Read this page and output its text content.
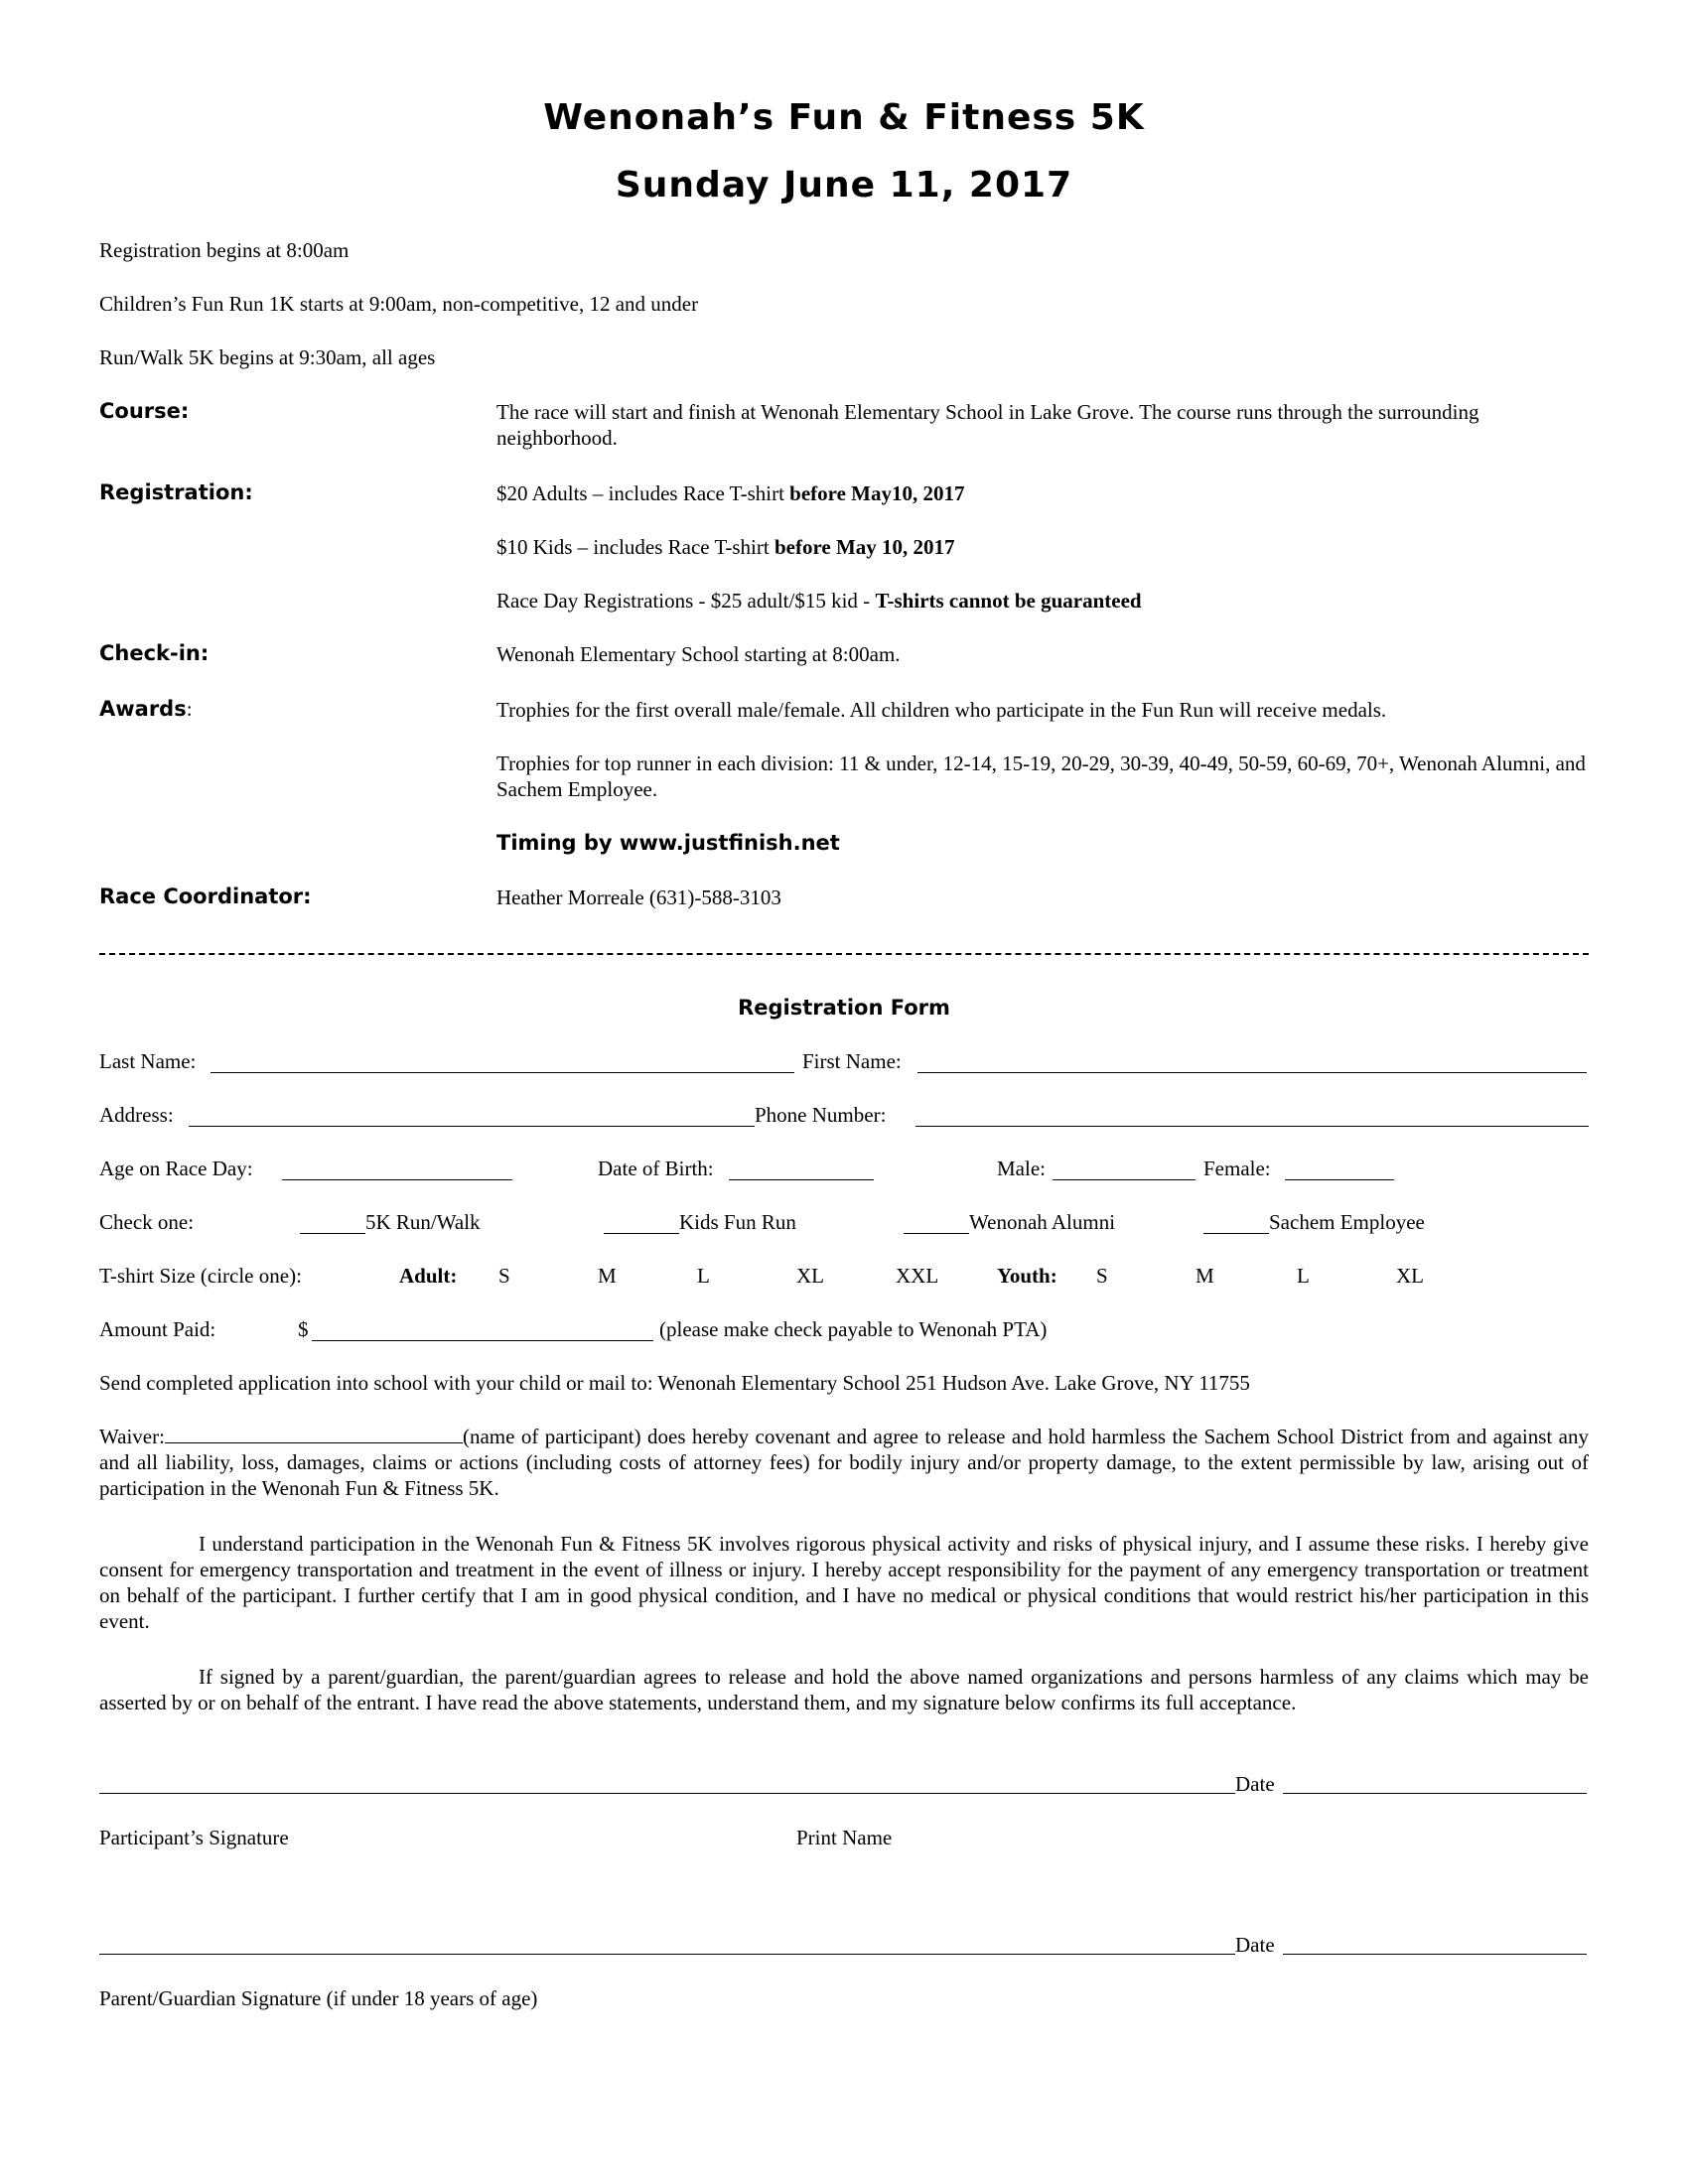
Wenonah’s Fun & Fitness 5K
Sunday June 11, 2017
Registration begins at 8:00am
Children’s Fun Run 1K starts at 9:00am, non-competitive, 12 and under
Run/Walk 5K begins at 9:30am, all ages
Course:	The race will start and finish at Wenonah Elementary School in Lake Grove. The course runs through the surrounding neighborhood.
Registration:	$20 Adults – includes Race T-shirt before May10, 2017
$10 Kids – includes Race T-shirt before May 10, 2017
Race Day Registrations - $25 adult/$15 kid - T-shirts cannot be guaranteed
Check-in:	Wenonah Elementary School starting at 8:00am.
Awards:	Trophies for the first overall male/female. All children who participate in the Fun Run will receive medals.
Trophies for top runner in each division: 11 & under, 12-14, 15-19, 20-29, 30-39, 40-49, 50-59, 60-69, 70+, Wenonah Alumni, and Sachem Employee.
Timing by www.justfinish.net
Race Coordinator:	Heather Morreale (631)-588-3103
Registration Form
Last Name:	First Name:
Address:	Phone Number:
Age on Race Day:	Date of Birth:	Male:	Female:
Check one:	5K Run/Walk	Kids Fun Run	Wenonah Alumni	Sachem Employee
T-shirt Size (circle one):	Adult: S	M	L	XL	XXL	Youth: S	M	L	XL
Amount Paid:	$	(please make check payable to Wenonah PTA)
Send completed application into school with your child or mail to: Wenonah Elementary School 251 Hudson Ave. Lake Grove, NY 11755
Waiver:	(name of participant) does hereby covenant and agree to release and hold harmless the Sachem School District from and against any and all liability, loss, damages, claims or actions (including costs of attorney fees) for bodily injury and/or property damage, to the extent permissible by law, arising out of participation in the Wenonah Fun & Fitness 5K.
I understand participation in the Wenonah Fun & Fitness 5K involves rigorous physical activity and risks of physical injury, and I assume these risks. I hereby give consent for emergency transportation and treatment in the event of illness or injury. I hereby accept responsibility for the payment of any emergency transportation or treatment on behalf of the participant. I further certify that I am in good physical condition, and I have no medical or physical conditions that would restrict his/her participation in this event.
If signed by a parent/guardian, the parent/guardian agrees to release and hold the above named organizations and persons harmless of any claims which may be asserted by or on behalf of the entrant. I have read the above statements, understand them, and my signature below confirms its full acceptance.
Date
Participant’s Signature	Print Name
Date
Parent/Guardian Signature (if under 18 years of age)
